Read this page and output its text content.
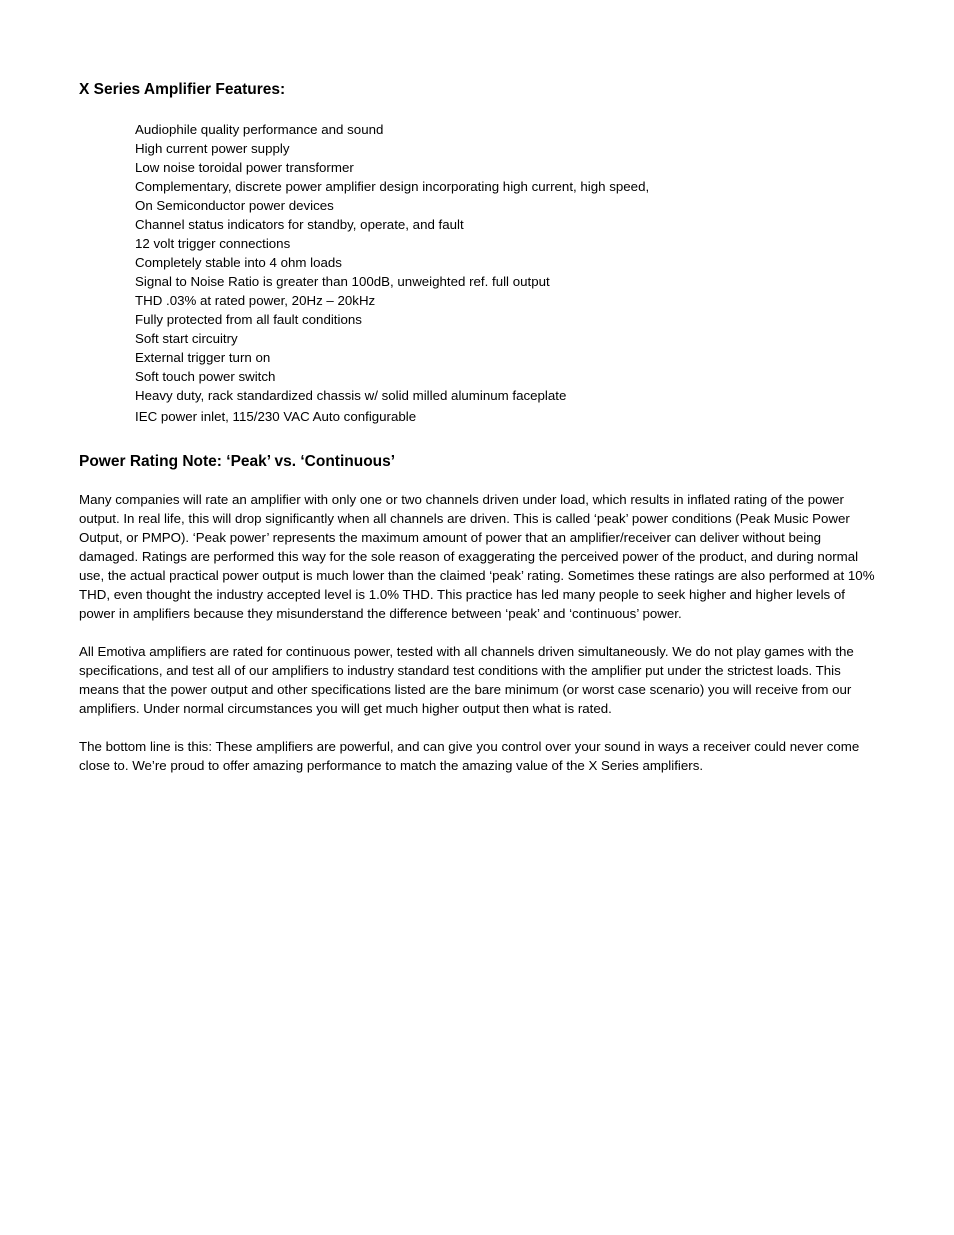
X Series Amplifier Features:
Audiophile quality performance and sound
High current power supply
Low noise toroidal power transformer
Complementary, discrete power amplifier design incorporating high current, high speed,
On Semiconductor power devices
Channel status indicators for standby, operate, and fault
12 volt trigger connections
Completely stable into 4 ohm loads
Signal to Noise Ratio is greater than 100dB, unweighted ref. full output
THD .03% at rated power, 20Hz – 20kHz
Fully protected from all fault conditions
Soft start circuitry
External trigger turn on
Soft touch power switch
Heavy duty, rack standardized chassis w/ solid milled aluminum faceplate
IEC power inlet, 115/230 VAC Auto configurable
Power Rating Note: ‘Peak’ vs. ‘Continuous’

Many companies will rate an amplifier with only one or two channels driven under load, which results in inflated rating of the power output. In real life, this will drop significantly when all channels are driven. This is called ‘peak’ power conditions (Peak Music Power Output, or PMPO). ‘Peak power’ represents the maximum amount of power that an amplifier/receiver can deliver without being damaged. Ratings are performed this way for the sole reason of exaggerating the perceived power of the product, and during normal use, the actual practical power output is much lower than the claimed ‘peak’ rating. Sometimes these ratings are also performed at 10% THD, even thought the industry accepted level is 1.0% THD. This practice has led many people to seek higher and higher levels of power in amplifiers because they misunderstand the difference between ‘peak’ and ‘continuous’ power.

All Emotiva amplifiers are rated for continuous power, tested with all channels driven simultaneously. We do not play games with the specifications, and test all of our amplifiers to industry standard test conditions with the amplifier put under the strictest loads. This means that the power output and other specifications listed are the bare minimum (or worst case scenario) you will receive from our amplifiers. Under normal circumstances you will get much higher output then what is rated.

The bottom line is this: These amplifiers are powerful, and can give you control over your sound in ways a receiver could never come close to. We’re proud to offer amazing performance to match the amazing value of the X Series amplifiers.
